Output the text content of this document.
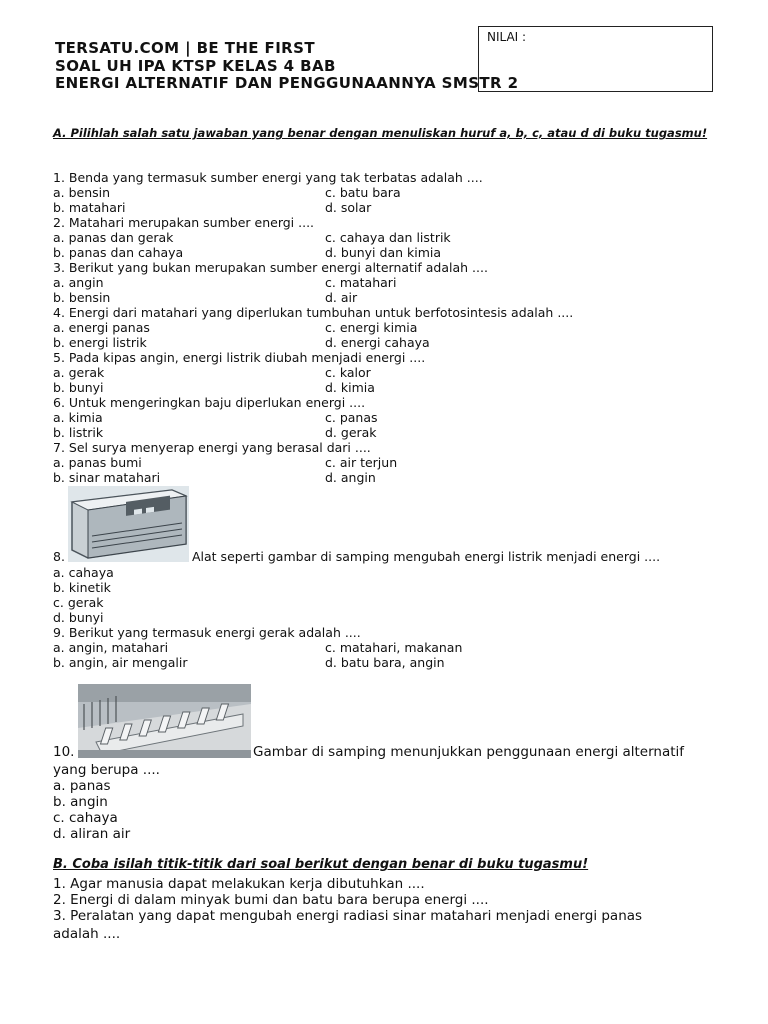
NILAI :
TERSATU.COM | BE THE FIRST
SOAL UH IPA KTSP KELAS 4 BAB
ENERGI ALTERNATIF DAN PENGGUNAANNYA SMSTR 2
A. Pilihlah salah satu jawaban yang benar dengan menuliskan huruf a, b, c, atau d di buku tugasmu!
1. Benda yang termasuk sumber energi yang tak terbatas adalah ....
a. bensin	c. batu bara
b. matahari	d. solar
2. Matahari merupakan sumber energi ....
a. panas dan gerak	c. cahaya dan listrik
b. panas dan cahaya	d. bunyi dan kimia
3. Berikut yang bukan merupakan sumber energi alternatif adalah ....
a. angin	c. matahari
b. bensin	d. air
4. Energi dari matahari yang diperlukan tumbuhan untuk berfotosintesis adalah ....
a. energi panas	c. energi kimia
b. energi listrik	d. energi cahaya
5. Pada kipas angin, energi listrik diubah menjadi energi ....
a. gerak	c. kalor
b. bunyi	d. kimia
6. Untuk mengeringkan baju diperlukan energi ....
a. kimia	c. panas
b. listrik	d. gerak
7. Sel surya menyerap energi yang berasal dari ....
a. panas bumi	c. air terjun
b. sinar matahari	d. angin
8.	Alat seperti gambar di samping mengubah energi listrik menjadi energi ....
a. cahaya
b. kinetik
c. gerak
d. bunyi
9. Berikut yang termasuk energi gerak adalah ....
a. angin, matahari	c. matahari, makanan
b. angin, air mengalir	d. batu bara, angin
10.	Gambar di samping menunjukkan penggunaan energi alternatif
yang berupa ....
a. panas
b. angin
c. cahaya
d. aliran air
B. Coba isilah titik-titik dari soal berikut dengan benar di buku tugasmu!
1. Agar manusia dapat melakukan kerja dibutuhkan ....
2. Energi di dalam minyak bumi dan batu bara berupa energi ....
3. Peralatan yang dapat mengubah energi radiasi sinar matahari menjadi energi panas
adalah ....
